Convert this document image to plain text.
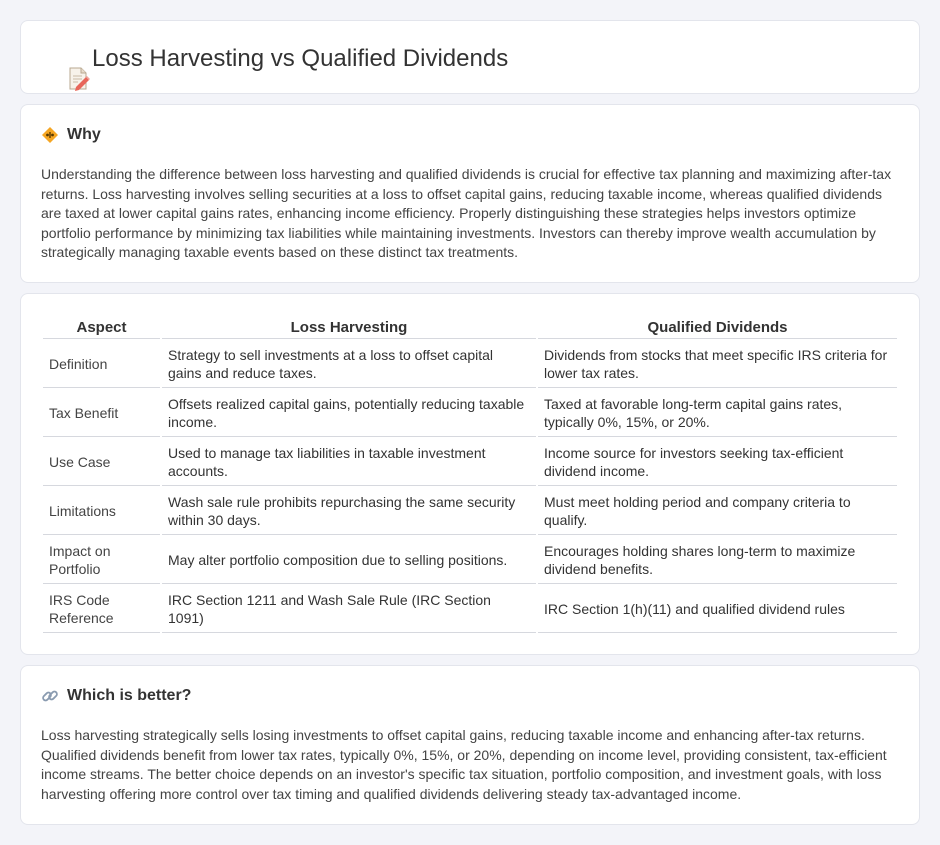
Loss Harvesting vs Qualified Dividends
Why

Understanding the difference between loss harvesting and qualified dividends is crucial for effective tax planning and maximizing after-tax returns. Loss harvesting involves selling securities at a loss to offset capital gains, reducing taxable income, whereas qualified dividends are taxed at lower capital gains rates, enhancing income efficiency. Properly distinguishing these strategies helps investors optimize portfolio performance by minimizing tax liabilities while maintaining investments. Investors can thereby improve wealth accumulation by strategically managing taxable events based on these distinct tax treatments.

Aspect	Loss Harvesting	Qualified Dividends
Definition	Strategy to sell investments at a loss to offset capital gains and reduce taxes.	Dividends from stocks that meet specific IRS criteria for lower tax rates.
Tax Benefit	Offsets realized capital gains, potentially reducing taxable income.	Taxed at favorable long-term capital gains rates, typically 0%, 15%, or 20%.
Use Case	Used to manage tax liabilities in taxable investment accounts.	Income source for investors seeking tax-efficient dividend income.
Limitations	Wash sale rule prohibits repurchasing the same security within 30 days.	Must meet holding period and company criteria to qualify.
Impact on Portfolio	May alter portfolio composition due to selling positions.	Encourages holding shares long-term to maximize dividend benefits.
IRS Code Reference	IRC Section 1211 and Wash Sale Rule (IRC Section 1091)	IRC Section 1(h)(11) and qualified dividend rules
Which is better?

Loss harvesting strategically sells losing investments to offset capital gains, reducing taxable income and enhancing after-tax returns. Qualified dividends benefit from lower tax rates, typically 0%, 15%, or 20%, depending on income level, providing consistent, tax-efficient income streams. The better choice depends on an investor's specific tax situation, portfolio composition, and investment goals, with loss harvesting offering more control over tax timing and qualified dividends delivering steady tax-advantaged income.
